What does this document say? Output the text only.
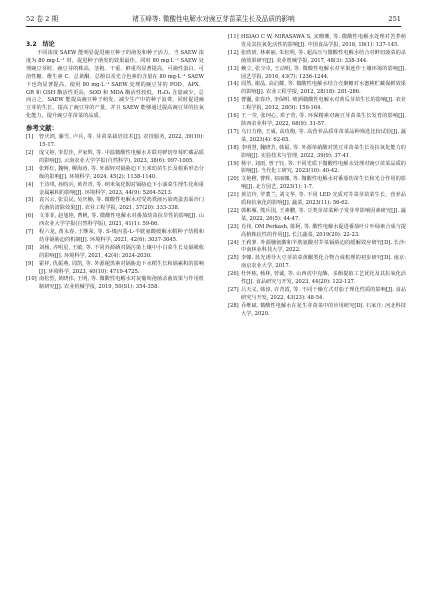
52 卷 2 期	褚玉峰等: 微酸性电解水对豌豆芽苗菜生长及品质的影响	251
3.2　结论

不同浓度 SAEW 能明显促进豌豆种子的萌发和种子活力，当 SAEW 浓度为 80 mg·L⁻¹ 时，促进种子萌发的效果最佳。同时 80 mg·L⁻¹ SAEW 处理豌豆芽时，豌豆芽的株高、茎粗、干重、鲜重均显著提高，可滴性蛋白、可溶性糖、维生素 C、总黄酮、总酚以及光合色素的含量在 80 mg·L⁻¹ SAEW 下也均显著提高，使用 80 mg·L⁻¹ SAEW 处理的豌豆芽的 POD、APX、GR 和 GSH 酶活性更高，SOD 和 MDA 酶活性较低，H₂O₂ 含量减少。总而言之，SAEW 能提高豌豆种子萌发，减少生产中的种子浪费，同时促进豌豆芽的生长，提高了豌豆芽的产量，并且 SAEW 能够通过提高豌豆芽的抗氧化能力，提升豌豆芽苗菜的品质。

参考文献：
[1]	曾庆鸿, 藤雪, 卢兵, 等. 芽苗菜栽培技术[J]. 农技服务, 2022, 39(10): 15-17.
[2]	庞文婷, 李思佳, 尹家辉, 等. 中温微酸性电解水并联对鲜切草莓贮藏品质的影响[J]. 云南农业大学学报(自然科学), 2023, 38(6): 997-1005.
[3]	张辉红, 魏畅, 柳海涛, 等. 外源锌对镉胁迫下玉米幼苗生长及根系形态分级的影响[J]. 环境科学, 2024, 45(2): 1138-1140.
[4]	王诗琪, 孙昀兵, 黄青青, 等. 纳米氧化铜对镉胁迫下小油菜生理生化和重金属累积的影响[J]. 环境科学, 2023, 44(9): 5204-5213.
[5]	袁兴云, 张贡民, 吴庆楠, 等. 微酸性电解水对受鸡粪液污染鸡蛋表面沙门氏菌的清除效果[J]. 农业工程学报, 2021, 37(20): 333-338.
[6]	文菲菲, 赵旭艳, 曹帆, 等. 微酸性电解水对番茄幼苗抗旱性的影响[J]. 山西农业大学学报(自然科学版), 2021, 41(1): 59-66.
[7]	程六龙, 黄永春, 王继荣, 等. S-烯丙基-L-半胱氨酸缓解水稻种子幼根和幼芽镉胁迫的机制[J]. 环境科学, 2021, 42(6): 3037-3045.
[8]	刘杨, 齐明星, 王敏, 等. 不同外源硒对镉污染土壤中小白菜生长及镉吸收的影响[J]. 环境科学, 2021, 42(4): 2024-2030.
[9]	霍祥, 仇振燕, 周凯, 等. 外源褪黑素对镉胁迫下水稻生长和镉累积的影响[J]. 环境科学, 2023, 40(10): 4719-4725.
[10] 南松烈, 黄晓伟, 王明, 等. 微酸性电解水对灰葡萄孢菌杀菌效果与作用机制研究[J]. 农业机械学报, 2019, 50(S1): 354-358.
[11] HSIAO C W, NIRASAWA S, 宋珊珊, 等. 微酸性电解水处理对苦荞萌发及其抗氧化活性的影响[J]. 中国食品学报, 2018, 18(1): 137-145.
[12] 张欣妍, 林素丽, 朱松明, 等. 超高压与微酸性电解水结合对鲜切菠菜的杀菌效果研究[J]. 农业机械学报, 2017, 48(3): 338-344.
[13] 赖立, 张少卓, 王动明, 等. 微酸性电解水对苹果连作土壤环境的影响[J]. 园艺学报, 2016, 43(7): 1236-1244.
[14] 周然, 谢晶, 高启耀, 等. 微酸性电解水结合壳聚糖对水蜜桃贮藏保鲜效果的影响[J]. 农业工程学报, 2012, 28(18): 281-286.
[15] 曹囊, 张春玲, 李保明. 喷洒微酸性电解水对黄瓜芽苗生长的影响[J]. 农业工程学报, 2012, 28(9): 159-164.
[16] 王一莹, 张珂心, 邓子萱, 等. 环保精素对豌豆芽苗菜生长发育的影响[J]. 陕西农业科学, 2022, 68(9): 31-57.
[17] 乌日力格, 王威, 高玫梅, 等. 高营养品质芽苗菜品种筛选比较试验[J]. 蔬菜, 2023(4): 62-65.
[18] 李明慧, 魏晓芳, 韩福, 等. 外源单硝酸对黑豆芽苗菜生长及抗氧化能力的影响[J]. 实验技术与管理, 2022, 39(9): 37-41.
[19] 杨宇, 刘雨, 曾子钰, 等. 不同光质下微酸性电解水处理对豌豆苗菜品质的影响[J]. 当代化工研究, 2023(10): 40-42.
[20] 文艳稚, 曹辉, 祁丽娜, 等. 微酸性电解水对番茄幼苗生长和光合作用的影响[J]. 北方园艺, 2023(1): 1-7.
[21] 黄洁玲, 罗董兰, 刘文华, 等. 不同 LED 光质对芥菜芽苗菜生长、营养品质和抗氧化的影响[J]. 蔬菜, 2023(11): 56-62.
[22] 郭彬雁, 熊兵国, 王素鹏, 等. 豆类芽苗菜种子发芽率影响因素研究[J]. 蔬菜, 2022, 26(5): 44-47.
[23] 肖伟, OM Perkash, 陈阿, 等. 酸性电解水促进番茄叶片叶绿素合成与提高植株抗性的作用[J]. 长江蔬菜, 2019(20): 22-23.
[24] 王莉萝. 外源脯氨酸和半胱氨酸对芥菜镉胁迫的缓解效应研究[D]. 长沙: 中南林业科技大学, 2022.
[25] 李娜. 蓝光诱导大豆芽苗菜黄酮类化合物合成机理的初步研究[D]. 南京: 南京农业大学, 2017.
[26] 杜怀栋, 杨林, 曾诚, 等. 山西虎中克酶、多酚提取工艺优化及其抗氧化活性[J]. 食品研究与开发, 2023, 44(20): 122-127.
[27] 吕天义, 韩淳, 许青霞, 等. 不同干燥方式对茄子理化性质的影响[J]. 食品研究与开发, 2022, 43(23): 48-54.
[28] 乔维斌. 微酸性电解水在花生芽苗菜中的应用研究[D]. 石家庄: 河北科技大学, 2020.
